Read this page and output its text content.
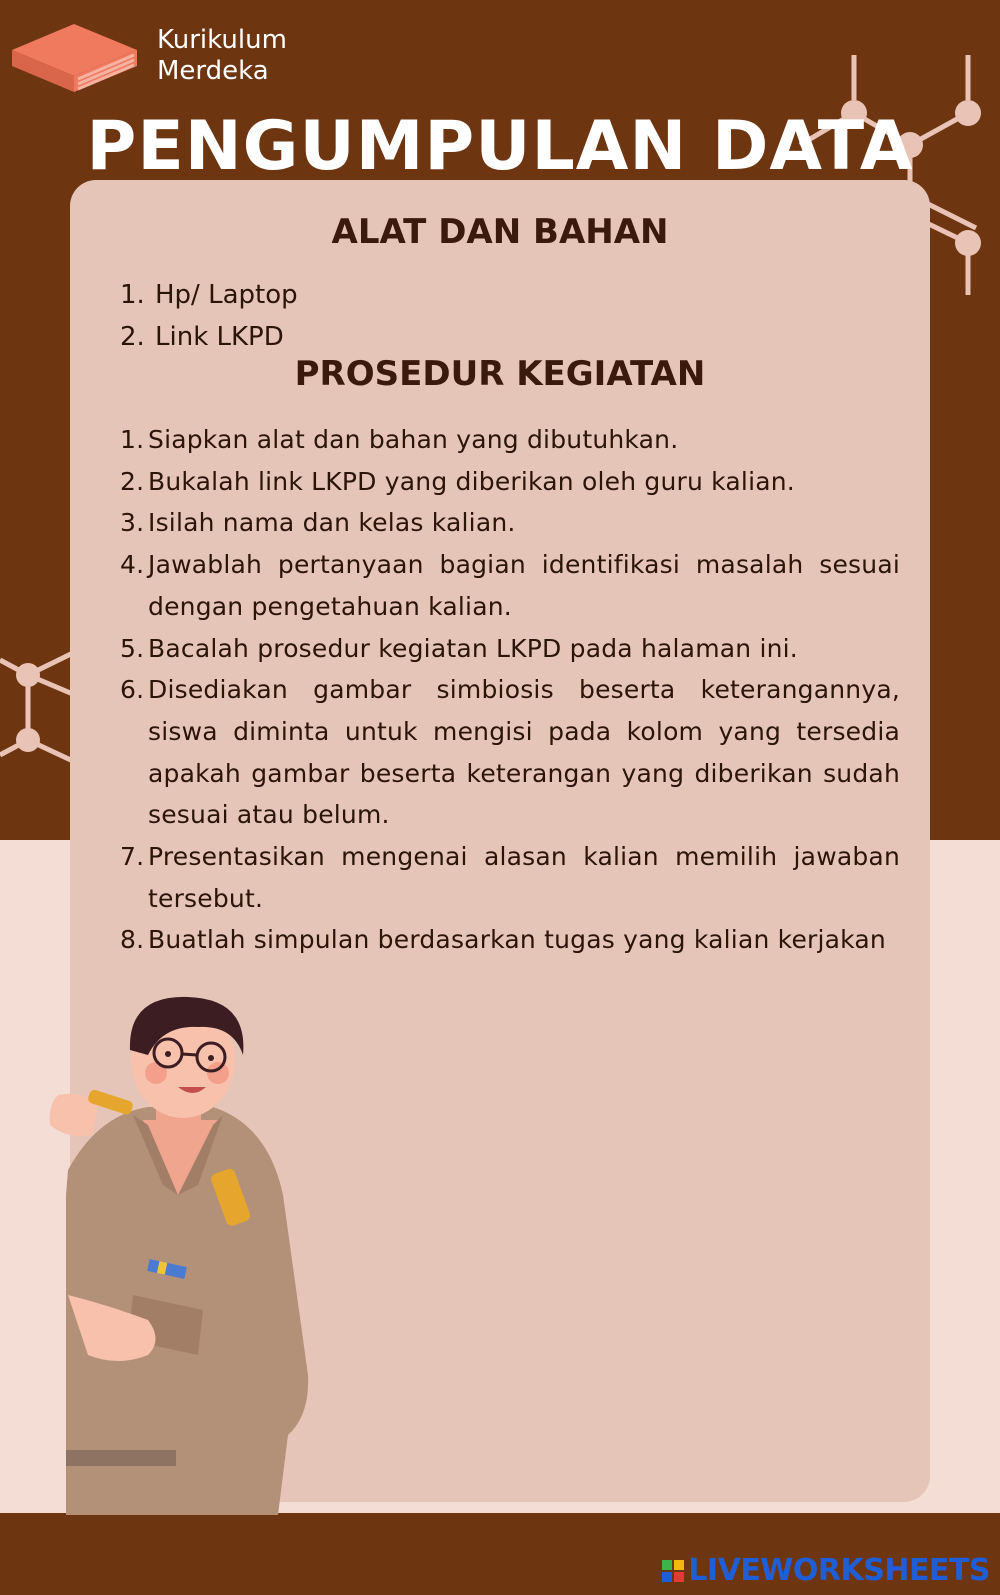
Kurikulum
Merdeka
PENGUMPULAN DATA
ALAT DAN BAHAN
1. Hp/ Laptop
2. Link LKPD
PROSEDUR KEGIATAN
1. Siapkan alat dan bahan yang dibutuhkan.
2. Bukalah link LKPD yang diberikan oleh guru kalian.
3. Isilah nama dan kelas kalian.
4. Jawablah pertanyaan bagian identifikasi masalah sesuai dengan pengetahuan kalian.
5. Bacalah prosedur kegiatan LKPD pada halaman ini.
6. Disediakan gambar simbiosis beserta keterangannya, siswa diminta untuk mengisi pada kolom yang tersedia apakah gambar beserta keterangan yang diberikan sudah sesuai atau belum.
7. Presentasikan mengenai alasan kalian memilih jawaban tersebut.
8. Buatlah simpulan berdasarkan tugas yang kalian kerjakan
LIVEWORKSHEETS
